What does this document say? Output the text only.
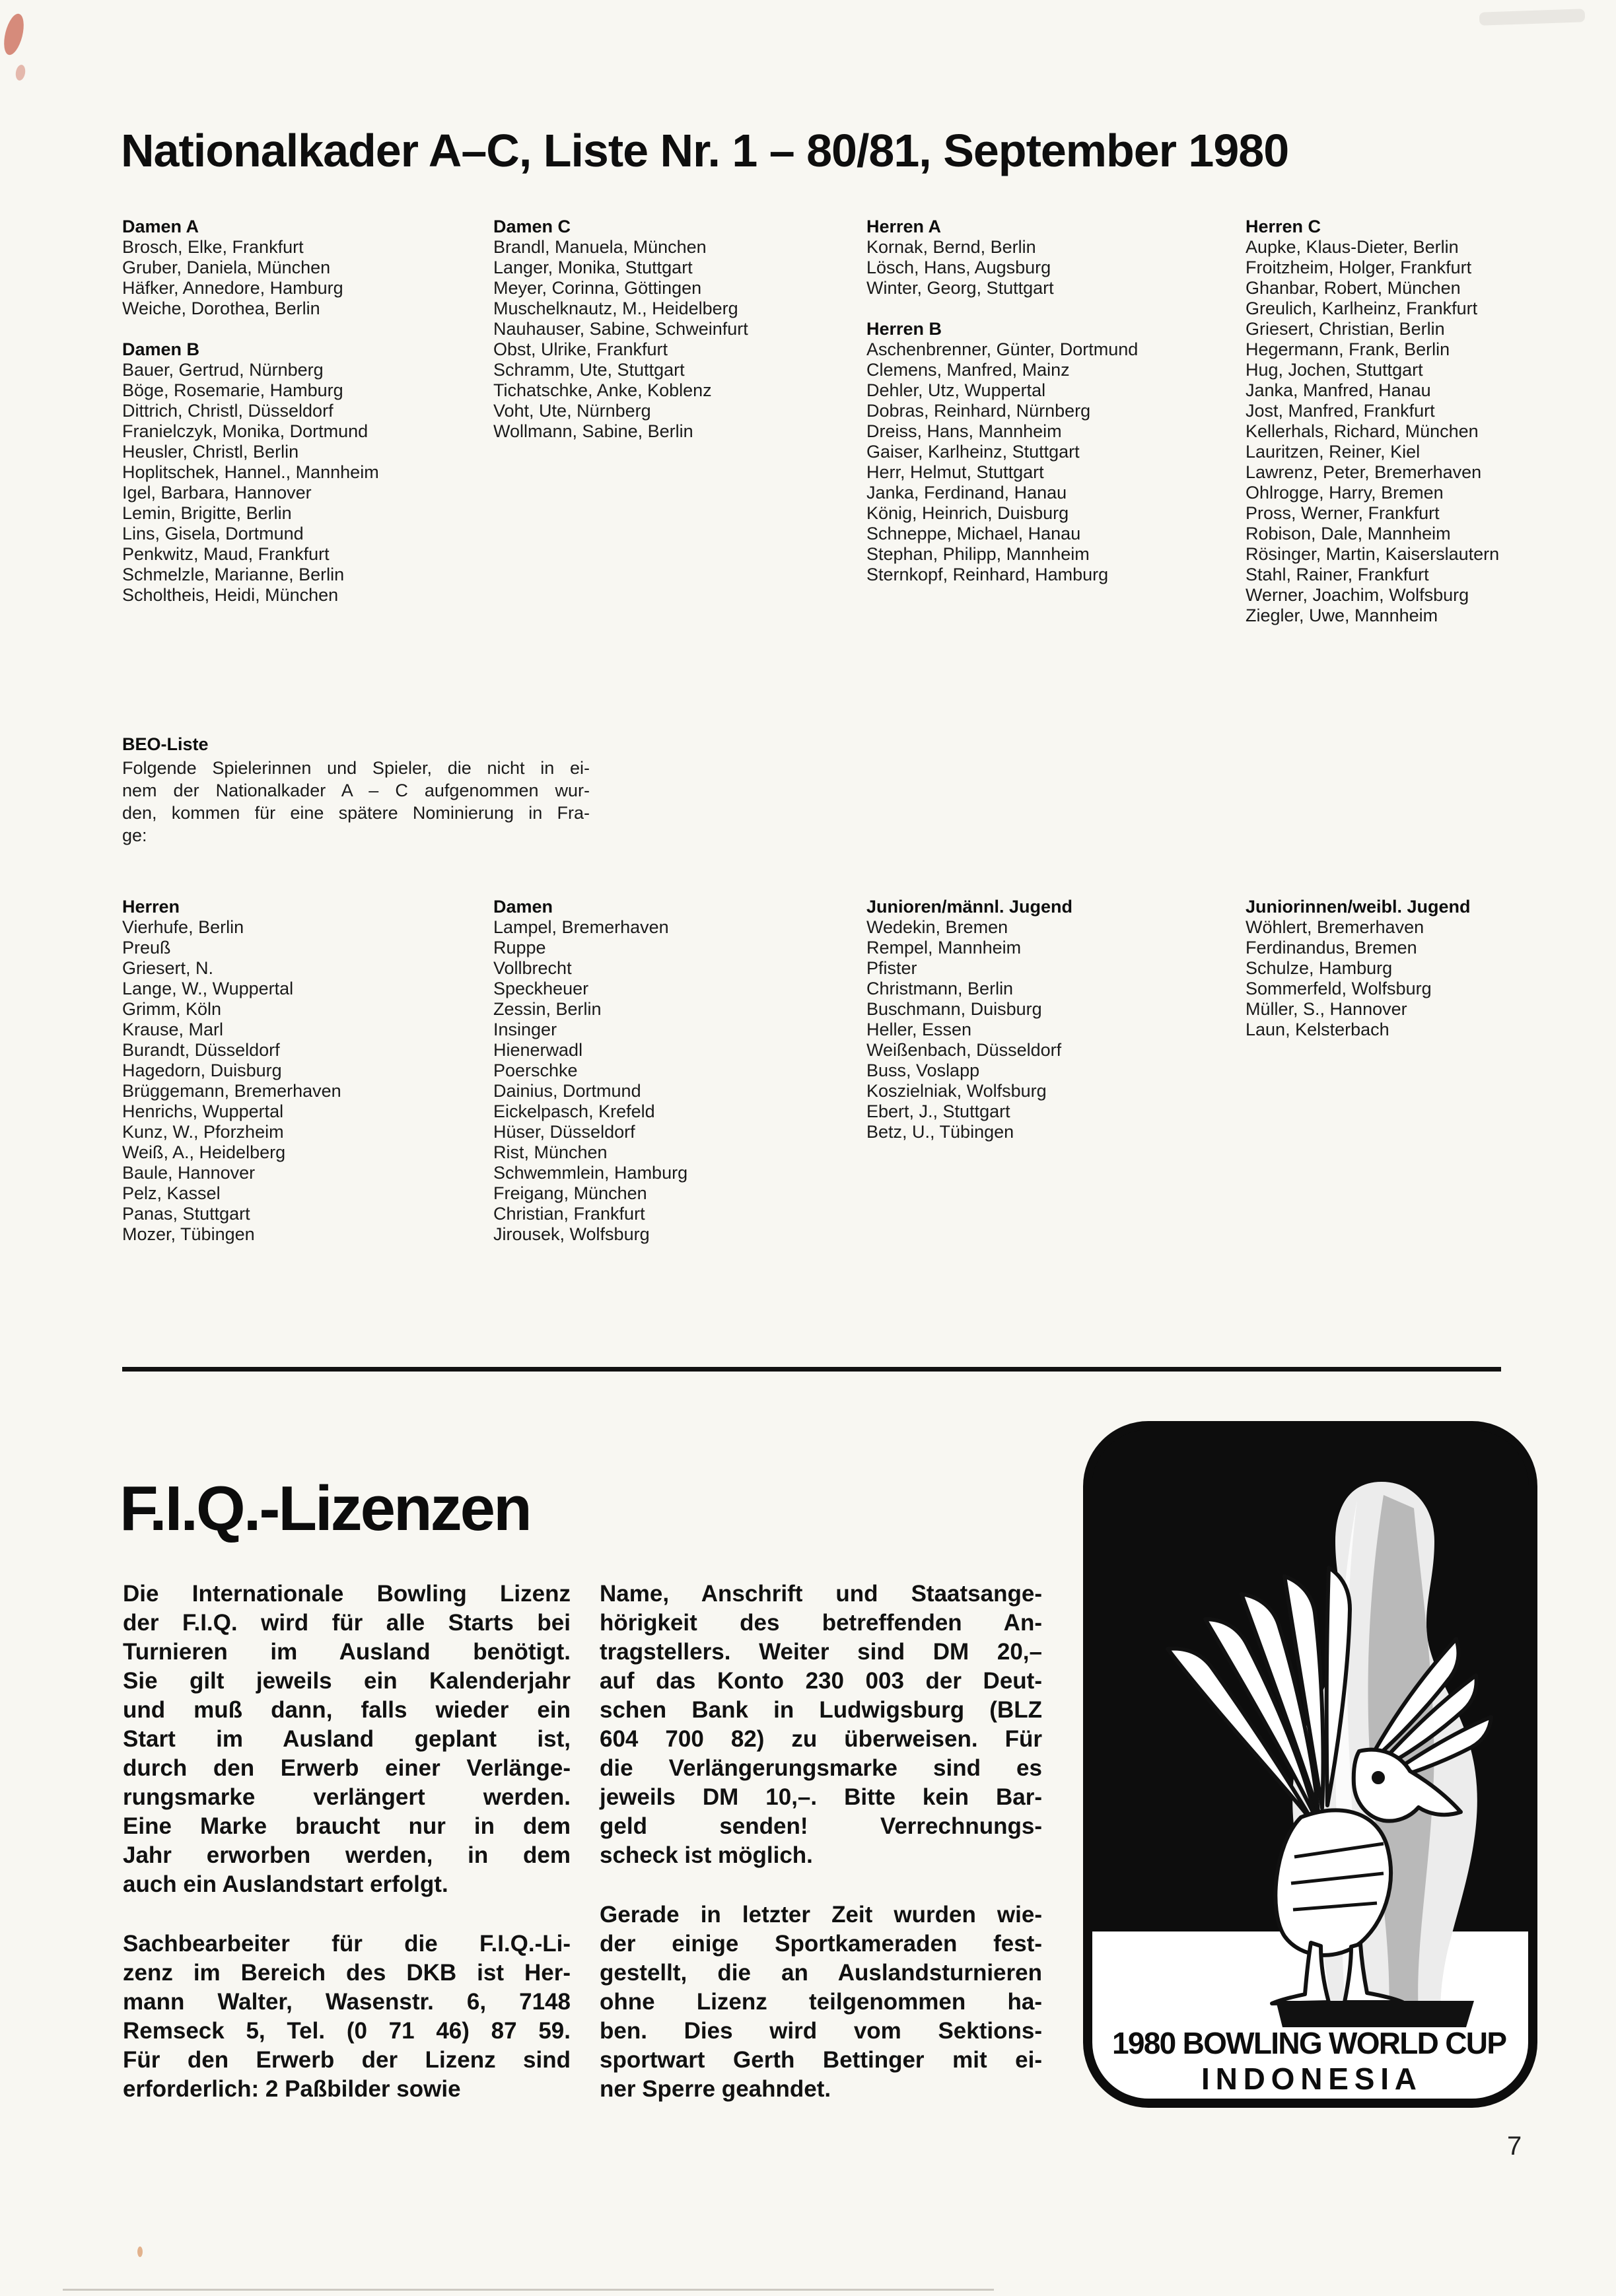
Nationalkader A–C, Liste Nr. 1 – 80/81, September 1980
Damen A
Brosch, Elke, Frankfurt
Gruber, Daniela, München
Häfker, Annedore, Hamburg
Weiche, Dorothea, Berlin
Damen B
Bauer, Gertrud, Nürnberg
Böge, Rosemarie, Hamburg
Dittrich, Christl, Düsseldorf
Franielczyk, Monika, Dortmund
Heusler, Christl, Berlin
Hoplitschek, Hannel., Mannheim
Igel, Barbara, Hannover
Lemin, Brigitte, Berlin
Lins, Gisela, Dortmund
Penkwitz, Maud, Frankfurt
Schmelzle, Marianne, Berlin
Scholtheis, Heidi, München
Damen C
Brandl, Manuela, München
Langer, Monika, Stuttgart
Meyer, Corinna, Göttingen
Muschelknautz, M., Heidelberg
Nauhauser, Sabine, Schweinfurt
Obst, Ulrike, Frankfurt
Schramm, Ute, Stuttgart
Tichatschke, Anke, Koblenz
Voht, Ute, Nürnberg
Wollmann, Sabine, Berlin
Herren A
Kornak, Bernd, Berlin
Lösch, Hans, Augsburg
Winter, Georg, Stuttgart
Herren B
Aschenbrenner, Günter, Dortmund
Clemens, Manfred, Mainz
Dehler, Utz, Wuppertal
Dobras, Reinhard, Nürnberg
Dreiss, Hans, Mannheim
Gaiser, Karlheinz, Stuttgart
Herr, Helmut, Stuttgart
Janka, Ferdinand, Hanau
König, Heinrich, Duisburg
Schneppe, Michael, Hanau
Stephan, Philipp, Mannheim
Sternkopf, Reinhard, Hamburg
Herren C
Aupke, Klaus-Dieter, Berlin
Froitzheim, Holger, Frankfurt
Ghanbar, Robert, München
Greulich, Karlheinz, Frankfurt
Griesert, Christian, Berlin
Hegermann, Frank, Berlin
Hug, Jochen, Stuttgart
Janka, Manfred, Hanau
Jost, Manfred, Frankfurt
Kellerhals, Richard, München
Lauritzen, Reiner, Kiel
Lawrenz, Peter, Bremerhaven
Ohlrogge, Harry, Bremen
Pross, Werner, Frankfurt
Robison, Dale, Mannheim
Rösinger, Martin, Kaiserslautern
Stahl, Rainer, Frankfurt
Werner, Joachim, Wolfsburg
Ziegler, Uwe, Mannheim
BEO-Liste
Folgende Spielerinnen und Spieler, die nicht in ei-
nem der Nationalkader A – C aufgenommen wur-
den, kommen für eine spätere Nominierung in Fra-
ge:
Herren
Vierhufe, Berlin
Preuß
Griesert, N.
Lange, W., Wuppertal
Grimm, Köln
Krause, Marl
Burandt, Düsseldorf
Hagedorn, Duisburg
Brüggemann, Bremerhaven
Henrichs, Wuppertal
Kunz, W., Pforzheim
Weiß, A., Heidelberg
Baule, Hannover
Pelz, Kassel
Panas, Stuttgart
Mozer, Tübingen
Damen
Lampel, Bremerhaven
Ruppe
Vollbrecht
Speckheuer
Zessin, Berlin
Insinger
Hienerwadl
Poerschke
Dainius, Dortmund
Eickelpasch, Krefeld
Hüser, Düsseldorf
Rist, München
Schwemmlein, Hamburg
Freigang, München
Christian, Frankfurt
Jirousek, Wolfsburg
Junioren/männl. Jugend
Wedekin, Bremen
Rempel, Mannheim
Pfister
Christmann, Berlin
Buschmann, Duisburg
Heller, Essen
Weißenbach, Düsseldorf
Buss, Voslapp
Koszielniak, Wolfsburg
Ebert, J., Stuttgart
Betz, U., Tübingen
Juniorinnen/weibl. Jugend
Wöhlert, Bremerhaven
Ferdinandus, Bremen
Schulze, Hamburg
Sommerfeld, Wolfsburg
Müller, S., Hannover
Laun, Kelsterbach
F.I.Q.-Lizenzen
Die Internationale Bowling Lizenz
der F.I.Q. wird für alle Starts bei
Turnieren im Ausland benötigt.
Sie gilt jeweils ein Kalenderjahr
und muß dann, falls wieder ein
Start im Ausland geplant ist,
durch den Erwerb einer Verlänge-
rungsmarke verlängert werden.
Eine Marke braucht nur in dem
Jahr erworben werden, in dem
auch ein Auslandstart erfolgt.
Sachbearbeiter für die F.I.Q.-Li-
zenz im Bereich des DKB ist Her-
mann Walter, Wasenstr. 6, 7148
Remseck 5, Tel. (0 71 46) 87 59.
Für den Erwerb der Lizenz sind
erforderlich: 2 Paßbilder sowie
Name, Anschrift und Staatsange-
hörigkeit des betreffenden An-
tragstellers. Weiter sind DM 20,–
auf das Konto 230 003 der Deut-
schen Bank in Ludwigsburg (BLZ
604 700 82) zu überweisen. Für
die Verlängerungsmarke sind es
jeweils DM 10,–. Bitte kein Bar-
geld senden! Verrechnungs-
scheck ist möglich.
Gerade in letzter Zeit wurden wie-
der einige Sportkameraden fest-
gestellt, die an Auslandsturnieren
ohne Lizenz teilgenommen ha-
ben. Dies wird vom Sektions-
sportwart Gerth Bettinger mit ei-
ner Sperre geahndet.
1980 BOWLING WORLD CUP
INDONESIA
7
